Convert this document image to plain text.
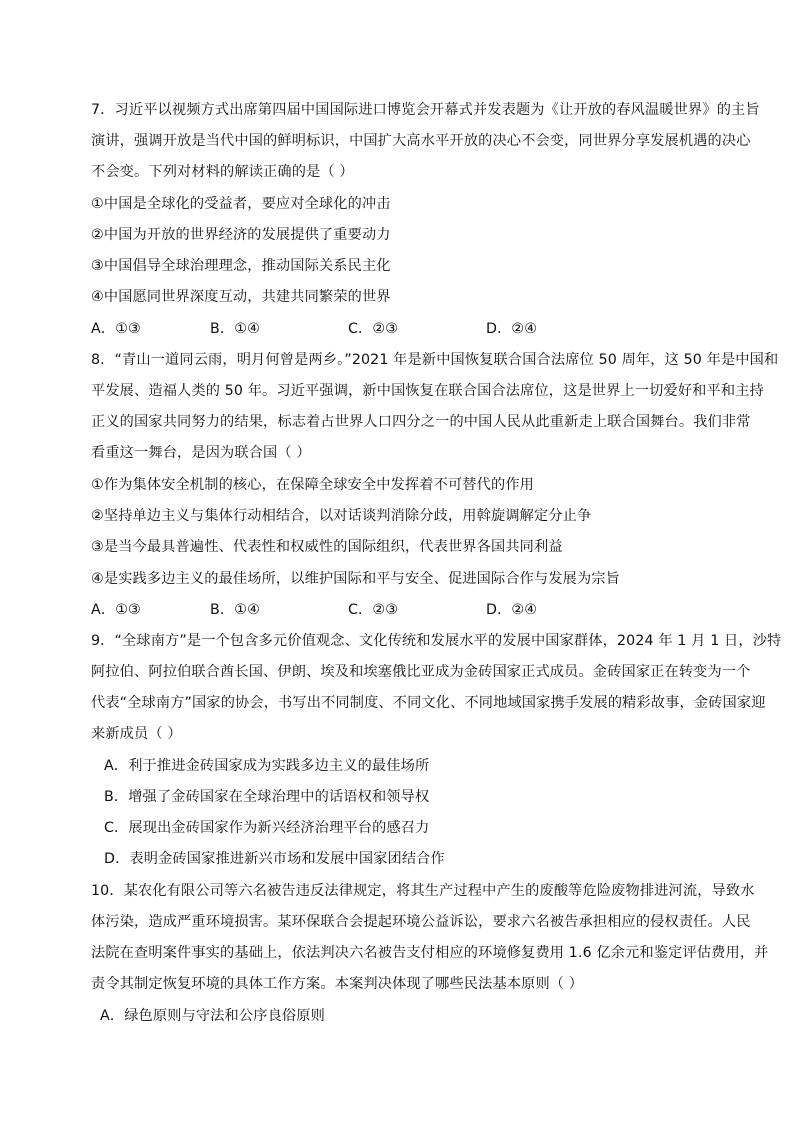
7．习近平以视频方式出席第四届中国国际进口博览会开幕式并发表题为《让开放的春风温暖世界》的主旨
演讲，强调开放是当代中国的鲜明标识，中国扩大高水平开放的决心不会变，同世界分享发展机遇的决心
不会变。下列对材料的解读正确的是（ ）
①中国是全球化的受益者，要应对全球化的冲击
②中国为开放的世界经济的发展提供了重要动力
③中国倡导全球治理理念，推动国际关系民主化
④中国愿同世界深度互动，共建共同繁荣的世界
A．①③	B．①④	C．②③	D．②④
8．“青山一道同云雨，明月何曾是两乡。”2021 年是新中国恢复联合国合法席位 50 周年，这 50 年是中国和
平发展、造福人类的 50 年。习近平强调，新中国恢复在联合国合法席位，这是世界上一切爱好和平和主持
正义的国家共同努力的结果，标志着占世界人口四分之一的中国人民从此重新走上联合国舞台。我们非常
看重这一舞台，是因为联合国（ ）
①作为集体安全机制的核心，在保障全球安全中发挥着不可替代的作用
②坚持单边主义与集体行动相结合，以对话谈判消除分歧，用斡旋调解定分止争
③是当今最具普遍性、代表性和权威性的国际组织，代表世界各国共同利益
④是实践多边主义的最佳场所，以维护国际和平与安全、促进国际合作与发展为宗旨
A．①③	B．①④	C．②③	D．②④
9．“全球南方”是一个包含多元价值观念、文化传统和发展水平的发展中国家群体，2024 年 1 月 1 日，沙特
阿拉伯、阿拉伯联合酋长国、伊朗、埃及和埃塞俄比亚成为金砖国家正式成员。金砖国家正在转变为一个
代表“全球南方”国家的协会，书写出不同制度、不同文化、不同地域国家携手发展的精彩故事，金砖国家迎
来新成员（ ）
A．利于推进金砖国家成为实践多边主义的最佳场所
B．增强了金砖国家在全球治理中的话语权和领导权
C．展现出金砖国家作为新兴经济治理平台的感召力
D．表明金砖国家推进新兴市场和发展中国家团结合作
10．某农化有限公司等六名被告违反法律规定，将其生产过程中产生的废酸等危险废物排进河流，导致水
体污染，造成严重环境损害。某环保联合会提起环境公益诉讼，要求六名被告承担相应的侵权责任。人民
法院在查明案件事实的基础上，依法判决六名被告支付相应的环境修复费用 1.6 亿余元和鉴定评估费用，并
责令其制定恢复环境的具体工作方案。本案判决体现了哪些民法基本原则（ ）
A．绿色原则与守法和公序良俗原则
